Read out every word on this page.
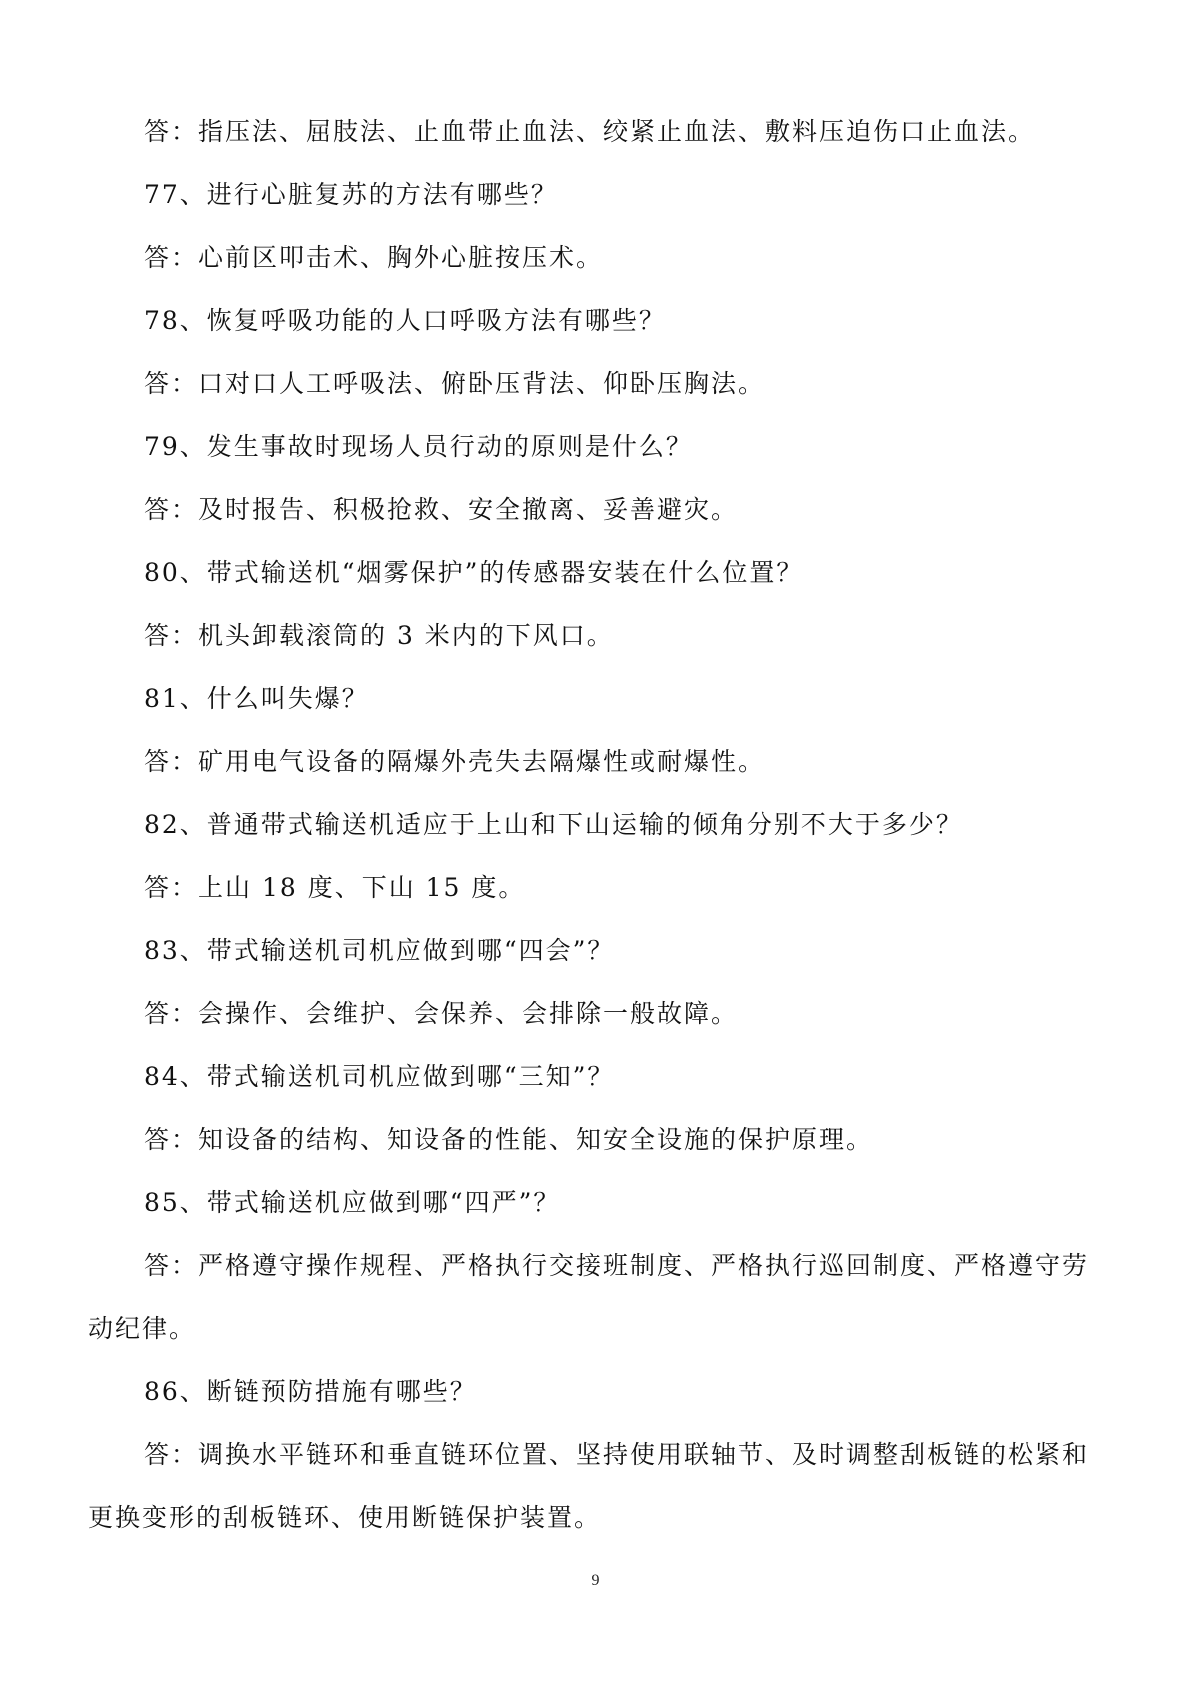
答：指压法、屈肢法、止血带止血法、绞紧止血法、敷料压迫伤口止血法。

77、进行心脏复苏的方法有哪些？

答：心前区叩击术、胸外心脏按压术。

78、恢复呼吸功能的人口呼吸方法有哪些？

答：口对口人工呼吸法、俯卧压背法、仰卧压胸法。

79、发生事故时现场人员行动的原则是什么？

答：及时报告、积极抢救、安全撤离、妥善避灾。

80、带式输送机“烟雾保护”的传感器安装在什么位置？

答：机头卸载滚筒的 3 米内的下风口。

81、什么叫失爆？

答：矿用电气设备的隔爆外壳失去隔爆性或耐爆性。

82、普通带式输送机适应于上山和下山运输的倾角分别不大于多少？

答：上山 18 度、下山 15 度。

83、带式输送机司机应做到哪“四会”？

答：会操作、会维护、会保养、会排除一般故障。

84、带式输送机司机应做到哪“三知”？

答：知设备的结构、知设备的性能、知安全设施的保护原理。

85、带式输送机应做到哪“四严”？

答：严格遵守操作规程、严格执行交接班制度、严格执行巡回制度、严格遵守劳动纪律。

86、断链预防措施有哪些？

答：调换水平链环和垂直链环位置、坚持使用联轴节、及时调整刮板链的松紧和更换变形的刮板链环、使用断链保护装置。

9
